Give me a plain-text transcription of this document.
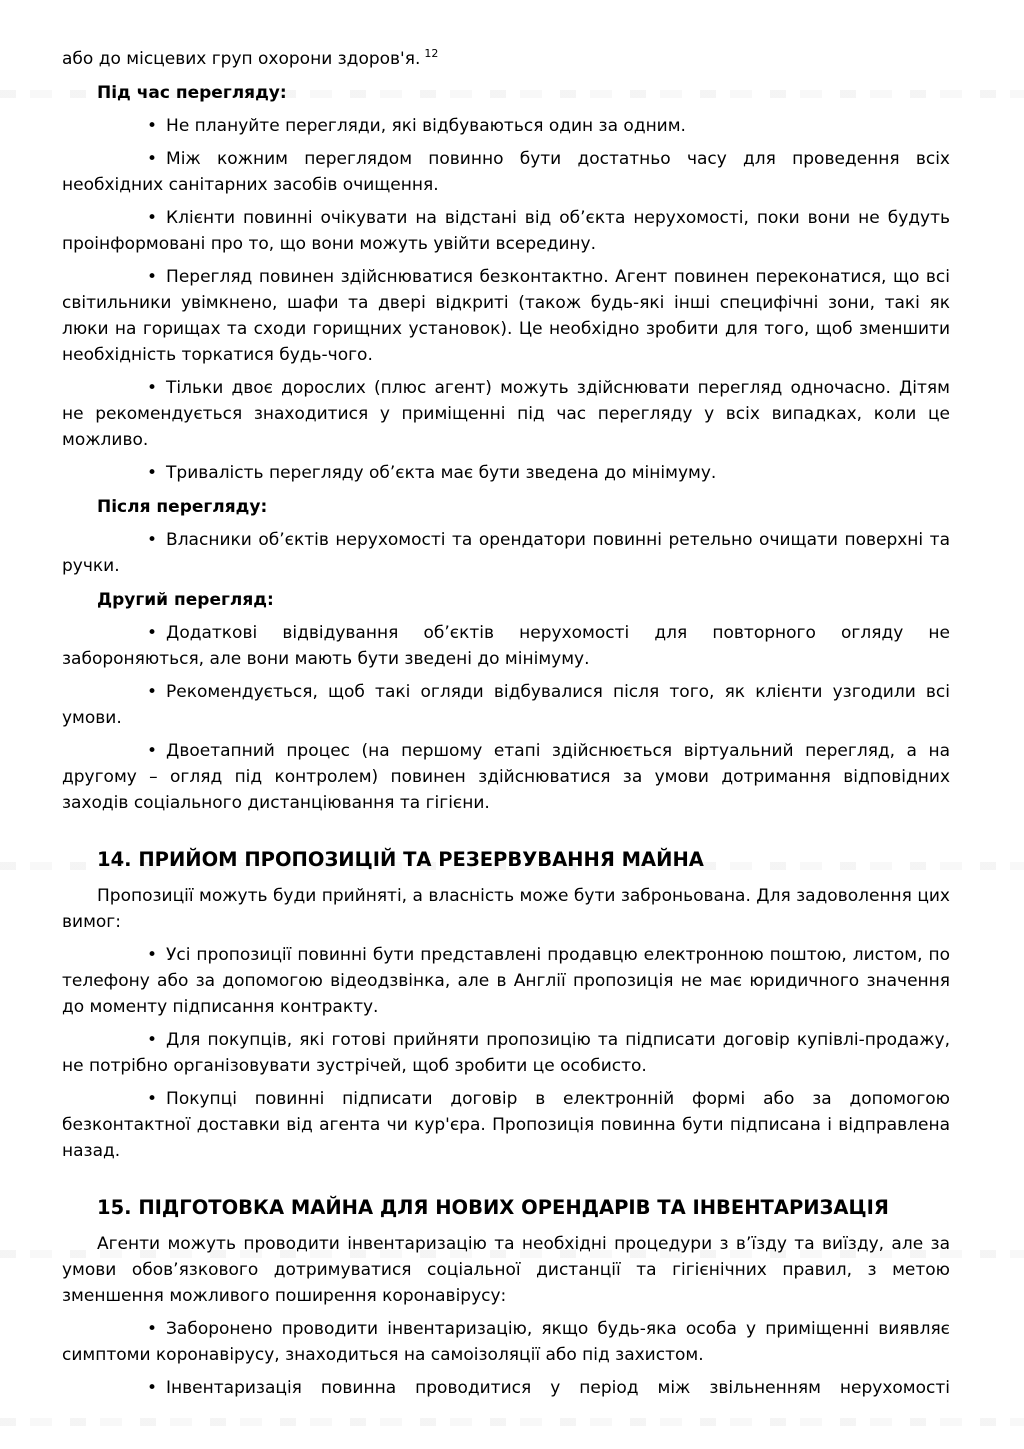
або до місцевих груп охорони здоров'я. $^{12}$

Під час перегляду:

• Не плануйте перегляди, які відбуваються один за одним.

• Між кожним переглядом повинно бути достатньо часу для проведення всіх необхідних санітарних засобів очищення.

• Клієнти повинні очікувати на відстані від об’єкта нерухомості, поки вони не будуть проінформовані про то, що вони можуть увійти всередину.

• Перегляд повинен здійснюватися безконтактно. Агент повинен переконатися, що всі світильники увімкнено, шафи та двері відкриті (також будь-які інші специфічні зони, такі як люки на горищах та сходи горищних установок). Це необхідно зробити для того, щоб зменшити необхідність торкатися будь-чого.

• Тільки двоє дорослих (плюс агент) можуть здійснювати перегляд одночасно. Дітям не рекомендується знаходитися у приміщенні під час перегляду у всіх випадках, коли це можливо.

• Тривалість перегляду об’єкта має бути зведена до мінімуму.

Після перегляду:

• Власники об’єктів нерухомості та орендатори повинні ретельно очищати поверхні та ручки.

Другий перегляд:

• Додаткові відвідування об’єктів нерухомості для повторного огляду не забороняються, але вони мають бути зведені до мінімуму.

• Рекомендується, щоб такі огляди відбувалися після того, як клієнти узгодили всі умови.

• Двоетапний процес (на першому етапі здійснюється віртуальний перегляд, а на другому – огляд під контролем) повинен здійснюватися за умови дотримання відповідних заходів соціального дистанціювання та гігієни.

14. ПРИЙОМ ПРОПОЗИЦІЙ ТА РЕЗЕРВУВАННЯ МАЙНА

Пропозиції можуть буди прийняті, а власність може бути заброньована. Для задоволення цих вимог:

• Усі пропозиції повинні бути представлені продавцю електронною поштою, листом, по телефону або за допомогою відеодзвінка, але в Англії пропозиція не має юридичного значення до моменту підписання контракту.

• Для покупців, які готові прийняти пропозицію та підписати договір купівлі-продажу, не потрібно організовувати зустрічей, щоб зробити це особисто.

• Покупці повинні підписати договір в електронній формі або за допомогою безконтактної доставки від агента чи кур'єра. Пропозиція повинна бути підписана і відправлена назад.

15. ПІДГОТОВКА МАЙНА ДЛЯ НОВИХ ОРЕНДАРІВ ТА ІНВЕНТАРИЗАЦІЯ

Агенти можуть проводити інвентаризацію та необхідні процедури з в’їзду та виїзду, але за умови обов’язкового дотримуватися соціальної дистанції та гігієнічних правил, з метою зменшення можливого поширення коронавірусу:

• Заборонено проводити інвентаризацію, якщо будь-яка особа у приміщенні виявляє симптоми коронавірусу, знаходиться на самоізоляції або під захистом.

• Інвентаризація повинна проводитися у період між звільненням нерухомості
